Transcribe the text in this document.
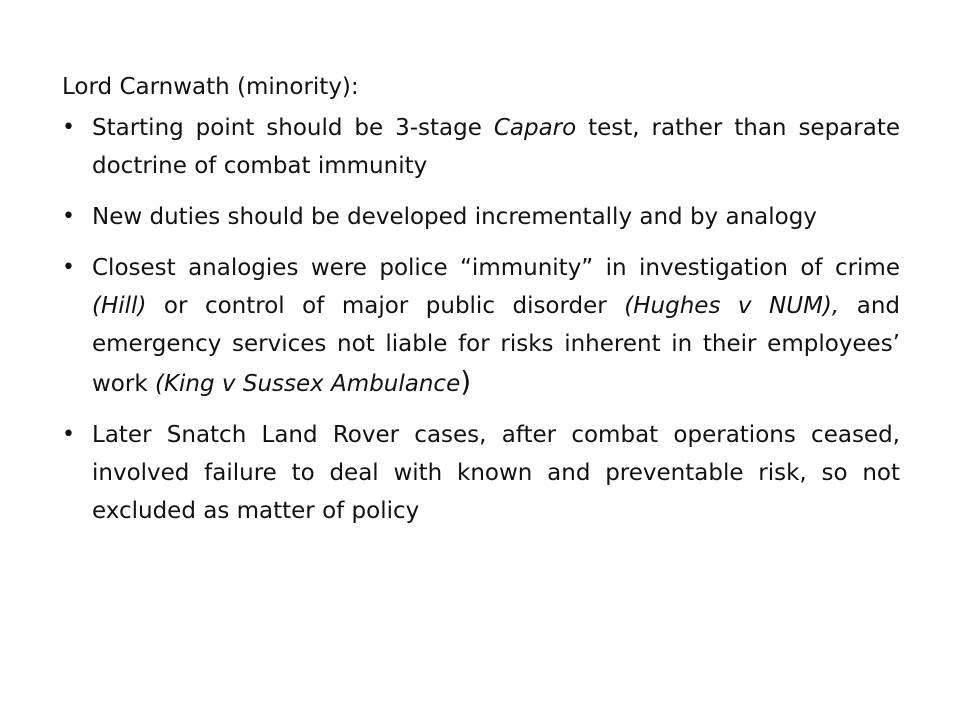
Lord Carnwath (minority):
• Starting point should be 3-stage Caparo test, rather than separate doctrine of combat immunity
• New duties should be developed incrementally and by analogy
• Closest analogies were police “immunity” in investigation of crime (Hill) or control of major public disorder (Hughes v NUM), and emergency services not liable for risks inherent in their employees’ work (King v Sussex Ambulance)
• Later Snatch Land Rover cases, after combat operations ceased, involved failure to deal with known and preventable risk, so not excluded as matter of policy
